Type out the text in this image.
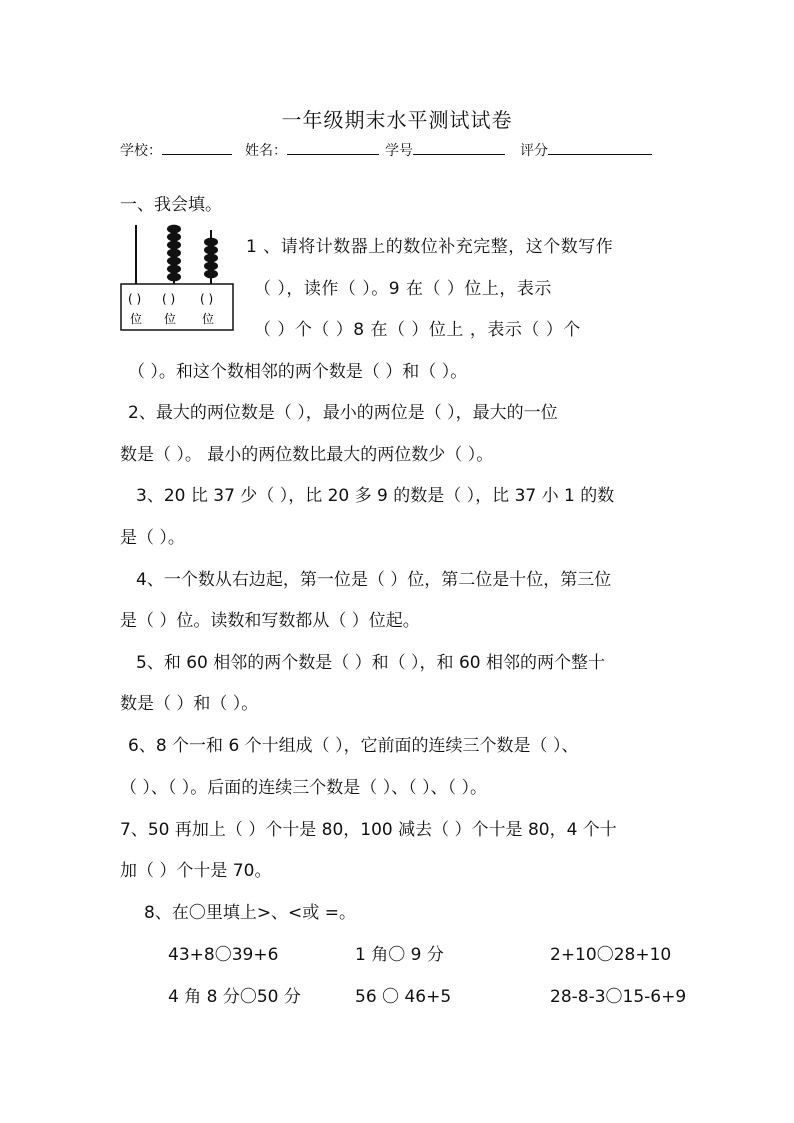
一年级期末水平测试试卷
学校：	姓名：	学号	评分
一、我会填。
( ) ( ) ( )
位 位 位
1 、请将计数器上的数位补充完整，这个数写作
（ ），读作（ ）。9 在（ ）位上，表示
（ ）个（ ）8 在（ ）位上 ，表示（ ）个
（ ）。和这个数相邻的两个数是（ ）和（ ）。
2、最大的两位数是（ ），最小的两位是（ ），最大的一位
数是（ ）。 最小的两位数比最大的两位数少（ ）。
3、20 比 37 少（ ），比 20 多 9 的数是（ ），比 37 小 1 的数
是（ ）。
4、一个数从右边起，第一位是（ ）位，第二位是十位，第三位
是（ ）位。读数和写数都从（ ）位起。
5、和 60 相邻的两个数是（ ）和（ ），和 60 相邻的两个整十
数是（ ）和（ ）。
6、8 个一和 6 个十组成（ ），它前面的连续三个数是（ ）、
（ ）、（ ）。后面的连续三个数是（ ）、（ ）、（ ）。
7、50 再加上（ ）个十是 80，100 减去（ ）个十是 80，4 个十
加（ ）个十是 70。
8、在〇里填上>、<或 =。
43+8〇39+6	1 角〇 9 分	2+10〇28+10
4 角 8 分〇50 分	56 〇 46+5	28-8-3〇15-6+9
